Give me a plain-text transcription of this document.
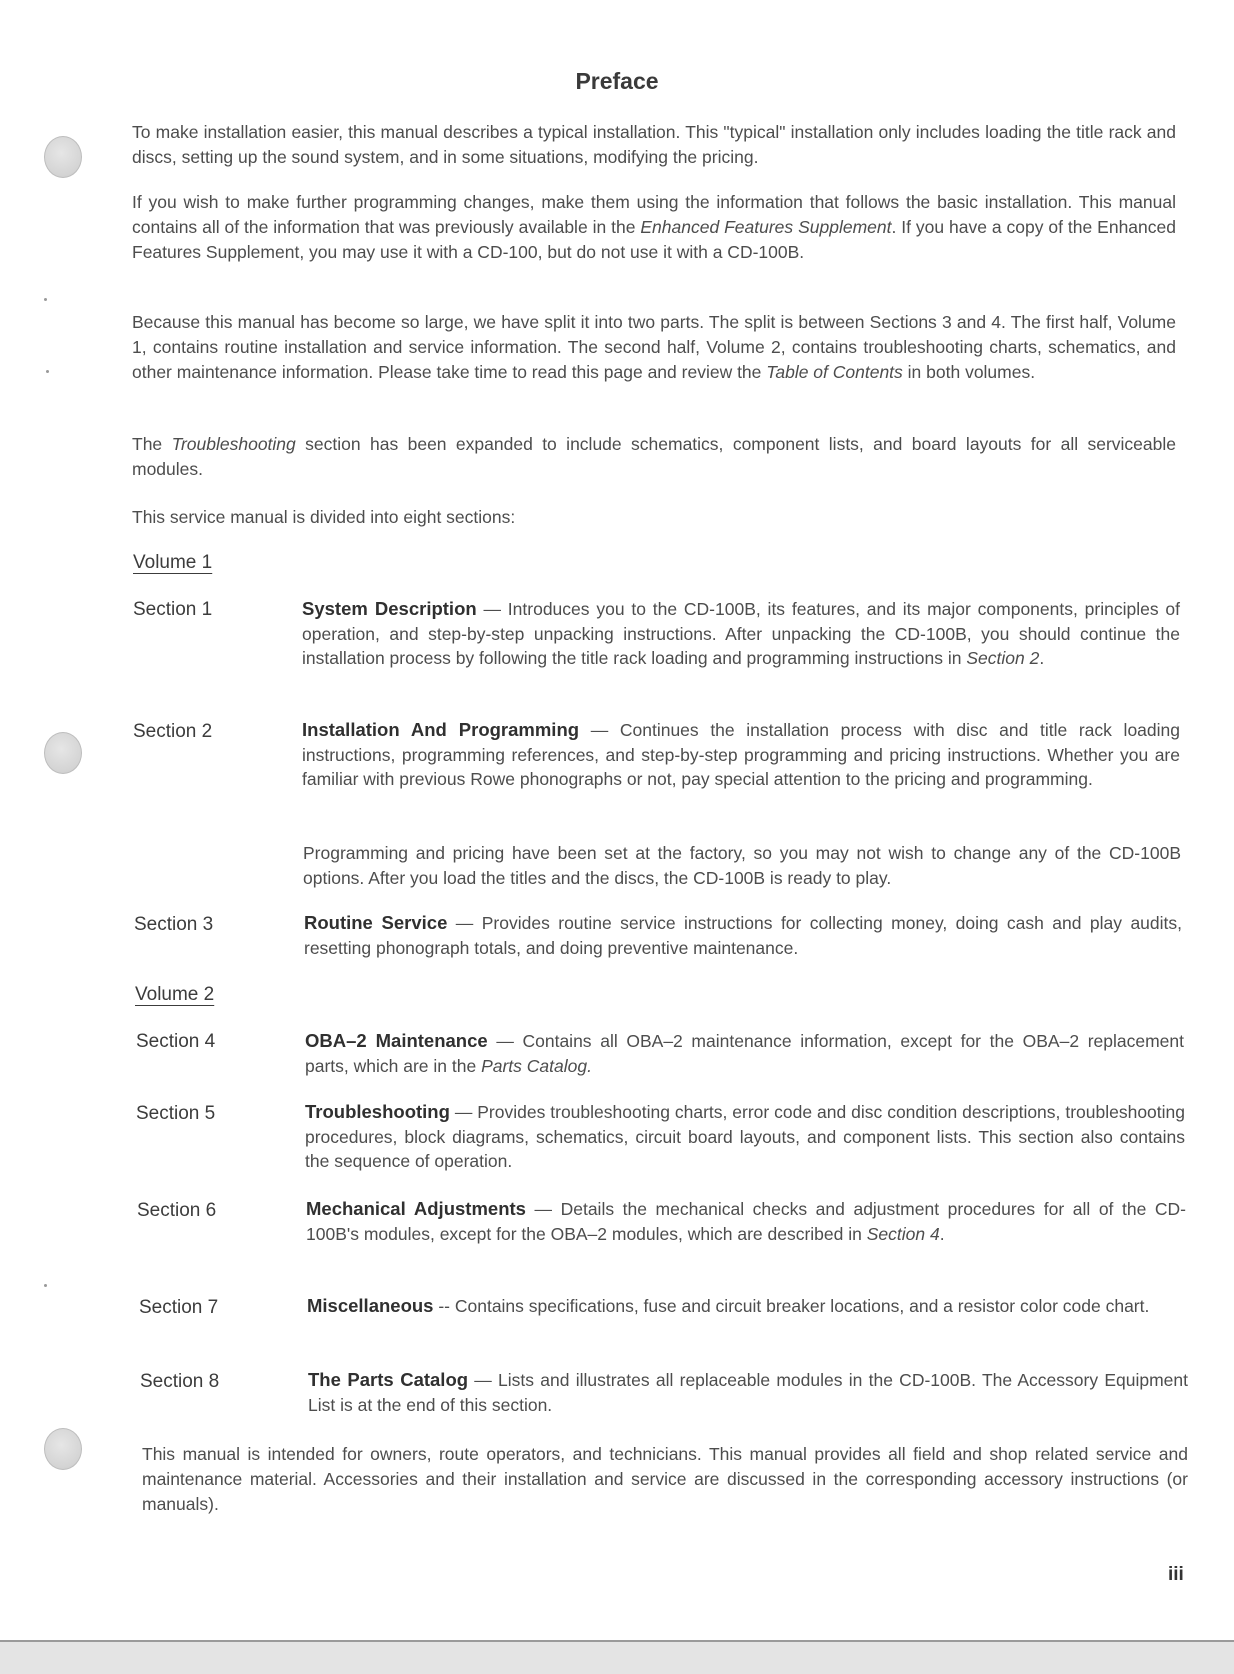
Preface
To make installation easier, this manual describes a typical installation. This "typical" installation only includes loading the title rack and discs, setting up the sound system, and in some situations, modifying the pricing.
If you wish to make further programming changes, make them using the information that follows the basic installation. This manual contains all of the information that was previously available in the Enhanced Features Supplement. If you have a copy of the Enhanced Features Supplement, you may use it with a CD-100, but do not use it with a CD-100B.
Because this manual has become so large, we have split it into two parts. The split is between Sections 3 and 4. The first half, Volume 1, contains routine installation and service information. The second half, Volume 2, contains troubleshooting charts, schematics, and other maintenance information. Please take time to read this page and review the Table of Contents in both volumes.
The Troubleshooting section has been expanded to include schematics, component lists, and board layouts for all serviceable modules.
This service manual is divided into eight sections:
Volume 1
Section 1	System Description — Introduces you to the CD-100B, its features, and its major components, principles of operation, and step-by-step unpacking instructions. After unpacking the CD-100B, you should continue the installation process by following the title rack loading and programming instructions in Section 2.
Section 2	Installation And Programming — Continues the installation process with disc and title rack loading instructions, programming references, and step-by-step programming and pricing instructions. Whether you are familiar with previous Rowe phonographs or not, pay special attention to the pricing and programming.
Programming and pricing have been set at the factory, so you may not wish to change any of the CD-100B options. After you load the titles and the discs, the CD-100B is ready to play.
Section 3	Routine Service — Provides routine service instructions for collecting money, doing cash and play audits, resetting phonograph totals, and doing preventive maintenance.
Volume 2
Section 4	OBA–2 Maintenance — Contains all OBA–2 maintenance information, except for the OBA–2 replacement parts, which are in the Parts Catalog.
Section 5	Troubleshooting — Provides troubleshooting charts, error code and disc condition descriptions, troubleshooting procedures, block diagrams, schematics, circuit board layouts, and component lists. This section also contains the sequence of operation.
Section 6	Mechanical Adjustments — Details the mechanical checks and adjustment procedures for all of the CD-100B's modules, except for the OBA–2 modules, which are described in Section 4.
Section 7	Miscellaneous -- Contains specifications, fuse and circuit breaker locations, and a resistor color code chart.
Section 8	The Parts Catalog — Lists and illustrates all replaceable modules in the CD-100B. The Accessory Equipment List is at the end of this section.
This manual is intended for owners, route operators, and technicians. This manual provides all field and shop related service and maintenance material. Accessories and their installation and service are discussed in the corresponding accessory instructions (or manuals).
iii
